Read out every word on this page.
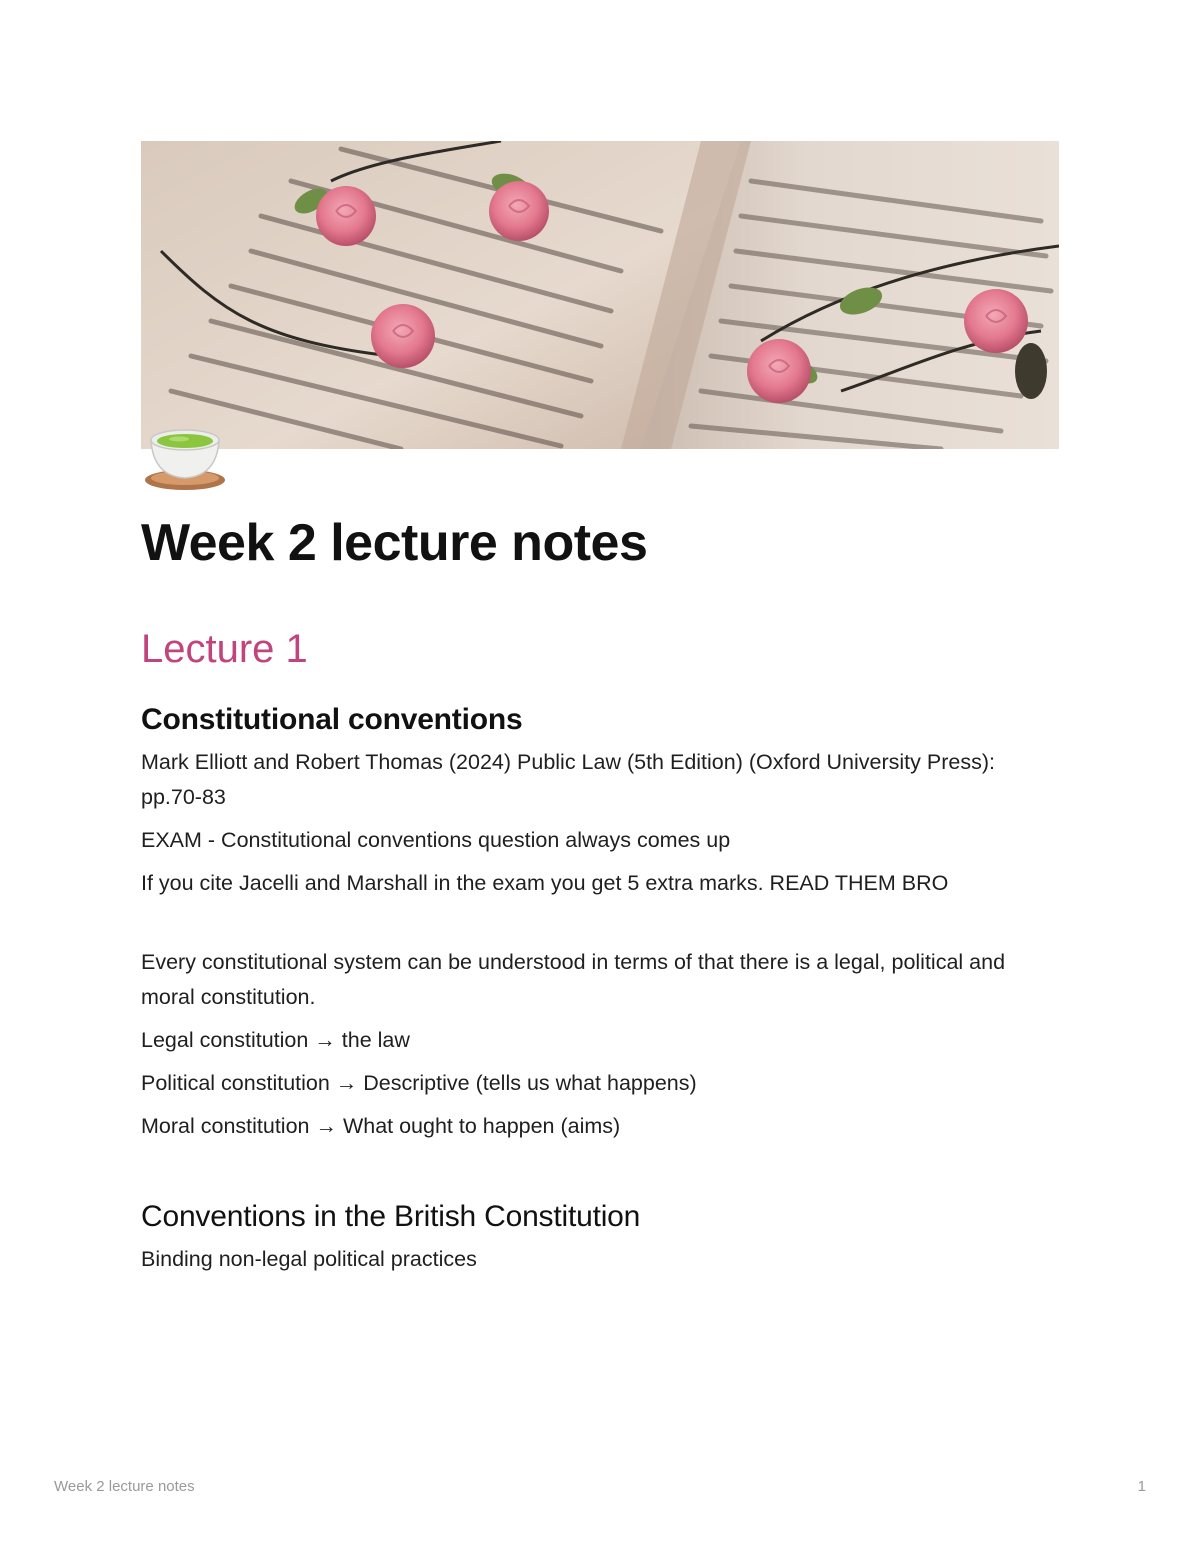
Week 2 lecture notes
Lecture 1
Constitutional conventions

Mark Elliott and Robert Thomas (2024) Public Law (5th Edition) (Oxford University Press): pp.70-83

EXAM - Constitutional conventions question always comes up

If you cite Jacelli and Marshall in the exam you get 5 extra marks. READ THEM BRO

Every constitutional system can be understood in terms of that there is a legal, political and moral constitution.

Legal constitution → the law

Political constitution → Descriptive (tells us what happens)

Moral constitution → What ought to happen (aims)

Conventions in the British Constitution

Binding non-legal political practices

Week 2 lecture notes	1
